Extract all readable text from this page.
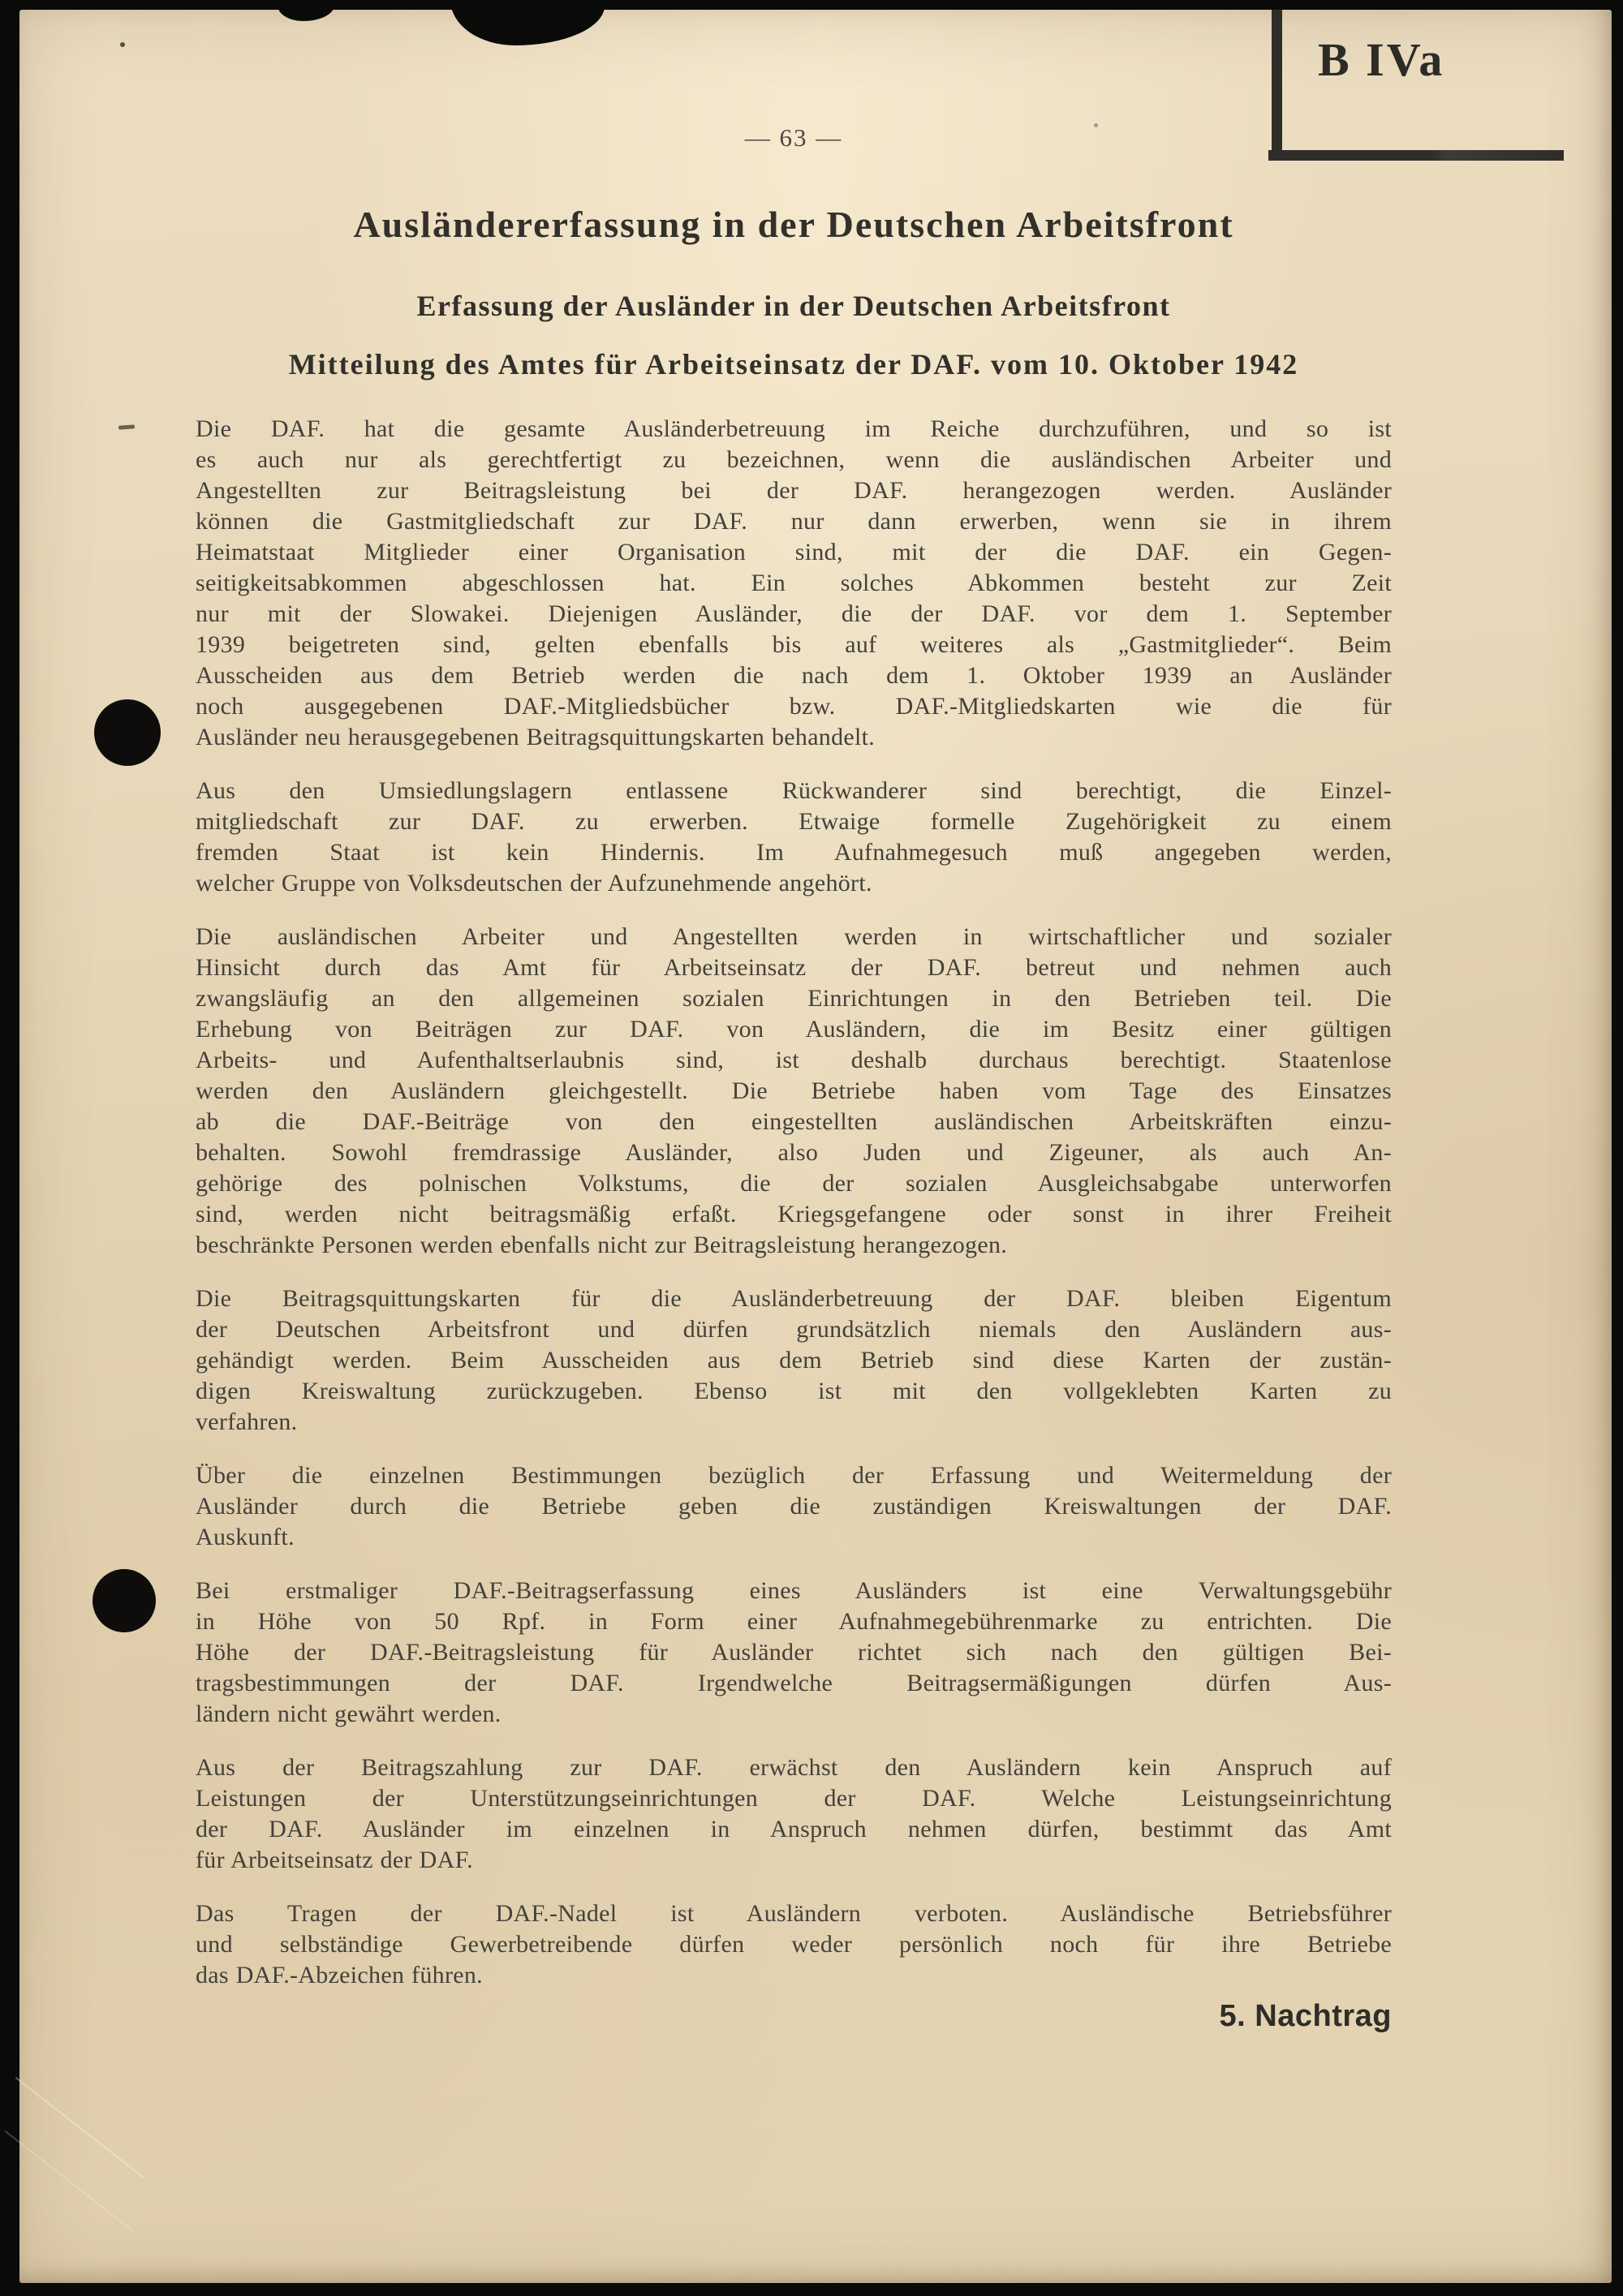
B IVa
— 63 —
Ausländererfassung in der Deutschen Arbeitsfront
Erfassung der Ausländer in der Deutschen Arbeitsfront
Mitteilung des Amtes für Arbeitseinsatz der DAF. vom 10. Oktober 1942
Die DAF. hat die gesamte Ausländerbetreuung im Reiche durchzuführen, und so ist
es auch nur als gerechtfertigt zu bezeichnen, wenn die ausländischen Arbeiter und
Angestellten zur Beitragsleistung bei der DAF. herangezogen werden. Ausländer
können die Gastmitgliedschaft zur DAF. nur dann erwerben, wenn sie in ihrem
Heimatstaat Mitglieder einer Organisation sind, mit der die DAF. ein Gegen-
seitigkeitsabkommen abgeschlossen hat. Ein solches Abkommen besteht zur Zeit
nur mit der Slowakei. Diejenigen Ausländer, die der DAF. vor dem 1. September
1939 beigetreten sind, gelten ebenfalls bis auf weiteres als „Gastmitglieder“. Beim
Ausscheiden aus dem Betrieb werden die nach dem 1. Oktober 1939 an Ausländer
noch ausgegebenen DAF.-Mitgliedsbücher bzw. DAF.-Mitgliedskarten wie die für
Ausländer neu herausgegebenen Beitragsquittungskarten behandelt.
Aus den Umsiedlungslagern entlassene Rückwanderer sind berechtigt, die Einzel-
mitgliedschaft zur DAF. zu erwerben. Etwaige formelle Zugehörigkeit zu einem
fremden Staat ist kein Hindernis. Im Aufnahmegesuch muß angegeben werden,
welcher Gruppe von Volksdeutschen der Aufzunehmende angehört.
Die ausländischen Arbeiter und Angestellten werden in wirtschaftlicher und sozialer
Hinsicht durch das Amt für Arbeitseinsatz der DAF. betreut und nehmen auch
zwangsläufig an den allgemeinen sozialen Einrichtungen in den Betrieben teil. Die
Erhebung von Beiträgen zur DAF. von Ausländern, die im Besitz einer gültigen
Arbeits- und Aufenthaltserlaubnis sind, ist deshalb durchaus berechtigt. Staatenlose
werden den Ausländern gleichgestellt. Die Betriebe haben vom Tage des Einsatzes
ab die DAF.-Beiträge von den eingestellten ausländischen Arbeitskräften einzu-
behalten. Sowohl fremdrassige Ausländer, also Juden und Zigeuner, als auch An-
gehörige des polnischen Volkstums, die der sozialen Ausgleichsabgabe unterworfen
sind, werden nicht beitragsmäßig erfaßt. Kriegsgefangene oder sonst in ihrer Freiheit
beschränkte Personen werden ebenfalls nicht zur Beitragsleistung herangezogen.
Die Beitragsquittungskarten für die Ausländerbetreuung der DAF. bleiben Eigentum
der Deutschen Arbeitsfront und dürfen grundsätzlich niemals den Ausländern aus-
gehändigt werden. Beim Ausscheiden aus dem Betrieb sind diese Karten der zustän-
digen Kreiswaltung zurückzugeben. Ebenso ist mit den vollgeklebten Karten zu
verfahren.
Über die einzelnen Bestimmungen bezüglich der Erfassung und Weitermeldung der
Ausländer durch die Betriebe geben die zuständigen Kreiswaltungen der DAF.
Auskunft.
Bei erstmaliger DAF.-Beitragserfassung eines Ausländers ist eine Verwaltungsgebühr
in Höhe von 50 Rpf. in Form einer Aufnahmegebührenmarke zu entrichten. Die
Höhe der DAF.-Beitragsleistung für Ausländer richtet sich nach den gültigen Bei-
tragsbestimmungen der DAF. Irgendwelche Beitragsermäßigungen dürfen Aus-
ländern nicht gewährt werden.
Aus der Beitragszahlung zur DAF. erwächst den Ausländern kein Anspruch auf
Leistungen der Unterstützungseinrichtungen der DAF. Welche Leistungseinrichtung
der DAF. Ausländer im einzelnen in Anspruch nehmen dürfen, bestimmt das Amt
für Arbeitseinsatz der DAF.
Das Tragen der DAF.-Nadel ist Ausländern verboten. Ausländische Betriebsführer
und selbständige Gewerbetreibende dürfen weder persönlich noch für ihre Betriebe
das DAF.-Abzeichen führen.
5. Nachtrag
